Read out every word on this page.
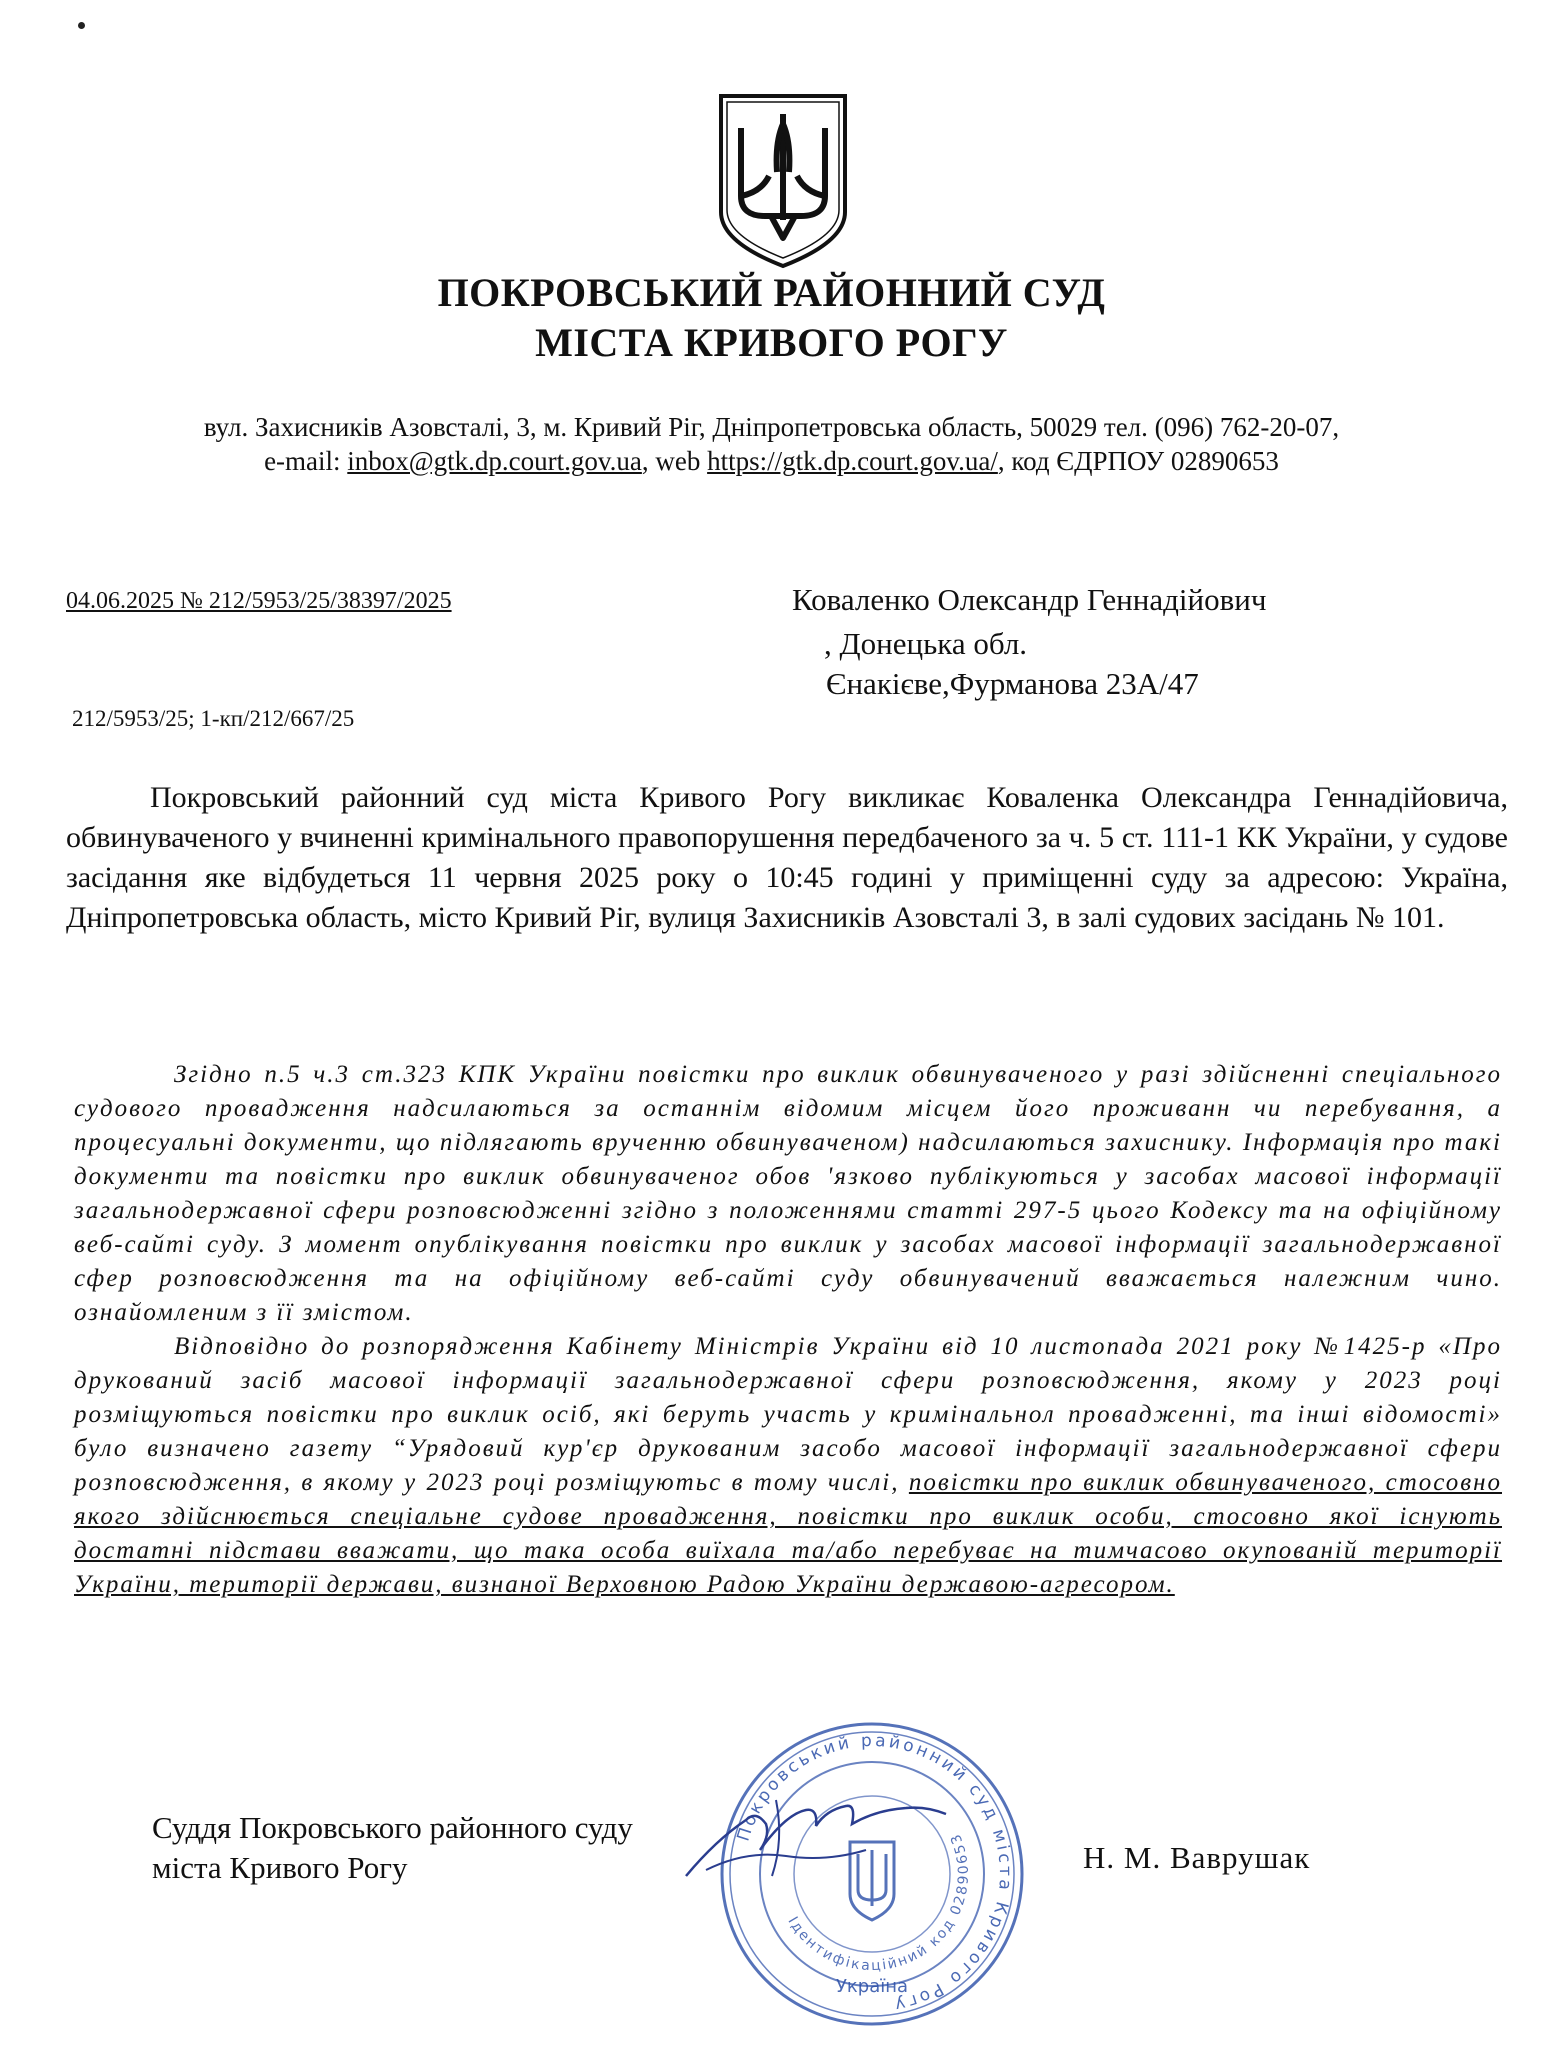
ПОКРОВСЬКИЙ РАЙОННИЙ СУД
МІСТА КРИВОГО РОГУ
вул. Захисників Азовсталі, 3, м. Кривий Ріг, Дніпропетровська область, 50029 тел. (096) 762-20-07,
e-mail: inbox@gtk.dp.court.gov.ua, web https://gtk.dp.court.gov.ua/, код ЄДРПОУ 02890653
04.06.2025 № 212/5953/25/38397/2025	Коваленко Олександр Геннадійович
, Донецька обл.
Єнакієве,Фурманова 23А/47
212/5953/25; 1-кп/212/667/25
Покровський районний суд міста Кривого Рогу викликає Коваленка Олександра Геннадійовича, обвинуваченого у вчиненні кримінального правопорушення передбаченого за ч. 5 ст. 111-1 КК України, у судове засідання яке відбудеться 11 червня 2025 року о 10:45 годині у приміщенні суду за адресою: Україна, Дніпропетровська область, місто Кривий Ріг, вулиця Захисників Азовсталі 3, в залі судових засідань № 101.

Згідно п.5 ч.3 ст.323 КПК України повістки про виклик обвинуваченого у разі здійсненні спеціального судового провадження надсилаються за останнім відомим місцем його проживанн чи перебування, а процесуальні документи, що підлягають врученню обвинуваченом) надсилаються захиснику. Інформація про такі документи та повістки про виклик обвинуваченог обов 'язково публікуються у засобах масової інформації загальнодержавної сфери розповсюдженні згідно з положеннями статті 297-5 цього Кодексу та на офіційному веб-сайті суду. З момент опублікування повістки про виклик у засобах масової інформації загальнодержавної сфер розповсюдження та на офіційному веб-сайті суду обвинувачений вважається належним чино. ознайомленим з її змістом.

Відповідно до розпорядження Кабінету Міністрів України від 10 листопада 2021 року №1425-р «Про друкований засіб масової інформації загальнодержавної сфери розповсюдження, якому у 2023 році розміщуються повістки про виклик осіб, які беруть участь у кримінальнол провадженні, та інші відомості» було визначено газету “Урядовий кур'єр друкованим засобо масової інформації загальнодержавної сфери розповсюдження, в якому у 2023 році розміщуютьс в тому числі, повістки про виклик обвинуваченого, стосовно якого здійснюється спеціальне судове провадження, повістки про виклик особи, стосовно якої існують достатні підстави вважати, що така особа виїхала та/або перебуває на тимчасово окупованій території України, території держави, визнаної Верховною Радою України державою-агресором.

Покровський районний суд міста Кривого Рогу
Ідентифікаційний код 02890653
Україна
Суддя Покровського районного суду
міста Кривого Рогу	Н. М. Ваврушак
